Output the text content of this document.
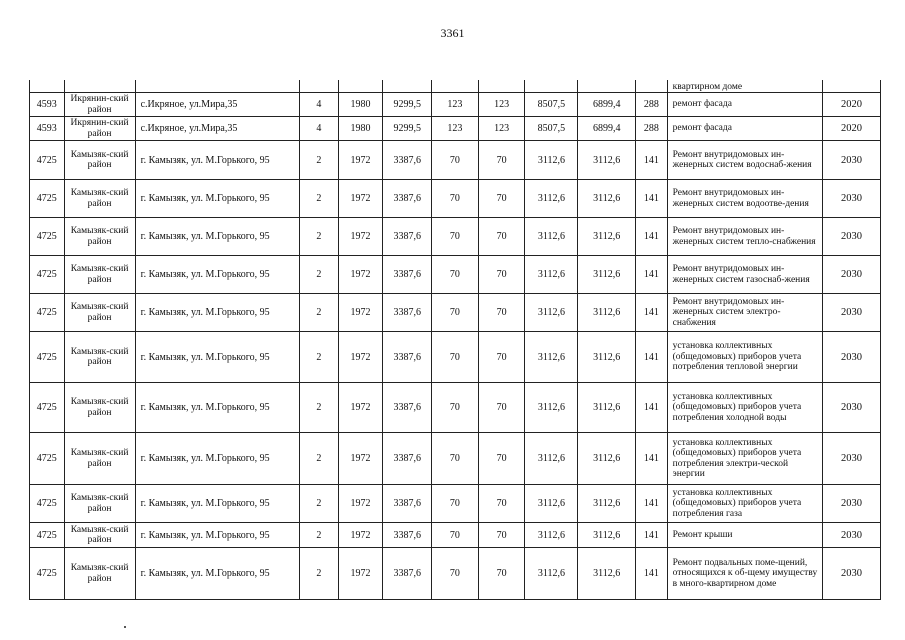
3361
											квартирном доме	
4593	Икрянин-ский район	с.Икряное, ул.Мира,35	4	1980	9299,5	123	123	8507,5	6899,4	288	ремонт фасада	2020
4593	Икрянин-ский район	с.Икряное, ул.Мира,35	4	1980	9299,5	123	123	8507,5	6899,4	288	ремонт фасада	2020
4725	Камызяк-ский район	г. Камызяк, ул. М.Горького, 95	2	1972	3387,6	70	70	3112,6	3112,6	141	Ремонт внутридомовых ин-женерных систем водоснаб-жения	2030
4725	Камызяк-ский район	г. Камызяк, ул. М.Горького, 95	2	1972	3387,6	70	70	3112,6	3112,6	141	Ремонт внутридомовых ин-женерных систем водоотве-дения	2030
4725	Камызяк-ский район	г. Камызяк, ул. М.Горького, 95	2	1972	3387,6	70	70	3112,6	3112,6	141	Ремонт внутридомовых ин-женерных систем тепло-снабжения	2030
4725	Камызяк-ский район	г. Камызяк, ул. М.Горького, 95	2	1972	3387,6	70	70	3112,6	3112,6	141	Ремонт внутридомовых ин-женерных систем газоснаб-жения	2030
4725	Камызяк-ский район	г. Камызяк, ул. М.Горького, 95	2	1972	3387,6	70	70	3112,6	3112,6	141	Ремонт внутридомовых ин-женерных систем электро-снабжения	2030
4725	Камызяк-ский район	г. Камызяк, ул. М.Горького, 95	2	1972	3387,6	70	70	3112,6	3112,6	141	установка коллективных (общедомовых) приборов учета потребления тепловой энергии	2030
4725	Камызяк-ский район	г. Камызяк, ул. М.Горького, 95	2	1972	3387,6	70	70	3112,6	3112,6	141	установка коллективных (общедомовых) приборов учета потребления холодной воды	2030
4725	Камызяк-ский район	г. Камызяк, ул. М.Горького, 95	2	1972	3387,6	70	70	3112,6	3112,6	141	установка коллективных (общедомовых) приборов учета потребления электри-ческой энергии	2030
4725	Камызяк-ский район	г. Камызяк, ул. М.Горького, 95	2	1972	3387,6	70	70	3112,6	3112,6	141	установка коллективных (общедомовых) приборов учета потребления газа	2030
4725	Камызяк-ский район	г. Камызяк, ул. М.Горького, 95	2	1972	3387,6	70	70	3112,6	3112,6	141	Ремонт крыши	2030
4725	Камызяк-ский район	г. Камызяк, ул. М.Горького, 95	2	1972	3387,6	70	70	3112,6	3112,6	141	Ремонт подвальных поме-щений, относящихся к об-щему имуществу в много-квартирном доме	2030
